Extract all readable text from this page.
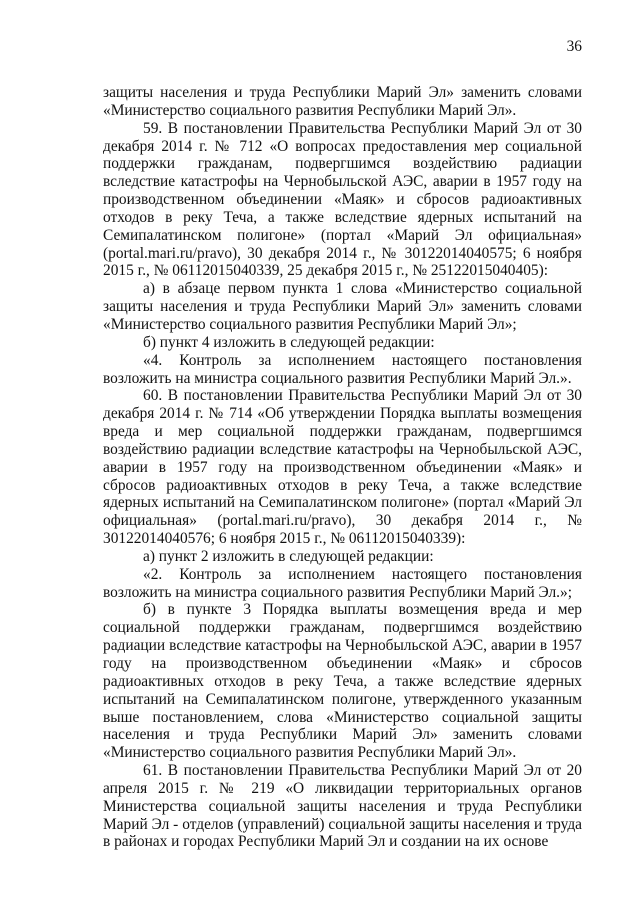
36

защиты населения и труда Республики Марий Эл» заменить словами «Министерство социального развития Республики Марий Эл».

59. В постановлении Правительства Республики Марий Эл от 30 декабря 2014 г. № 712 «О вопросах предоставления мер социальной поддержки гражданам, подвергшимся воздействию радиации вследствие катастрофы на Чернобыльской АЭС, аварии в 1957 году на производственном объединении «Маяк» и сбросов радиоактивных отходов в реку Теча, а также вследствие ядерных испытаний на Семипалатинском полигоне» (портал «Марий Эл официальная» (portal.mari.ru/pravo), 30 декабря 2014 г., № 30122014040575; 6 ноября 2015 г., № 06112015040339, 25 декабря 2015 г., № 25122015040405):

а) в абзаце первом пункта 1 слова «Министерство социальной защиты населения и труда Республики Марий Эл» заменить словами «Министерство социального развития Республики Марий Эл»;

б) пункт 4 изложить в следующей редакции:

«4. Контроль за исполнением настоящего постановления возложить на министра социального развития Республики Марий Эл.».

60. В постановлении Правительства Республики Марий Эл от 30 декабря 2014 г. № 714 «Об утверждении Порядка выплаты возмещения вреда и мер социальной поддержки гражданам, подвергшимся воздействию радиации вследствие катастрофы на Чернобыльской АЭС, аварии в 1957 году на производственном объединении «Маяк» и сбросов радиоактивных отходов в реку Теча, а также вследствие ядерных испытаний на Семипалатинском полигоне» (портал «Марий Эл официальная» (portal.mari.ru/pravo), 30 декабря 2014 г., № 30122014040576; 6 ноября 2015 г., № 06112015040339):

а) пункт 2 изложить в следующей редакции:

«2. Контроль за исполнением настоящего постановления возложить на министра социального развития Республики Марий Эл.»;

б) в пункте 3 Порядка выплаты возмещения вреда и мер социальной поддержки гражданам, подвергшимся воздействию радиации вследствие катастрофы на Чернобыльской АЭС, аварии в 1957 году на производственном объединении «Маяк» и сбросов радиоактивных отходов в реку Теча, а также вследствие ядерных испытаний на Семипалатинском полигоне, утвержденного указанным выше постановлением, слова «Министерство социальной защиты населения и труда Республики Марий Эл» заменить словами «Министерство социального развития Республики Марий Эл».

61. В постановлении Правительства Республики Марий Эл от 20 апреля 2015 г. № 219 «О ликвидации территориальных органов Министерства социальной защиты населения и труда Республики Марий Эл - отделов (управлений) социальной защиты населения и труда в районах и городах Республики Марий Эл и создании на их основе
